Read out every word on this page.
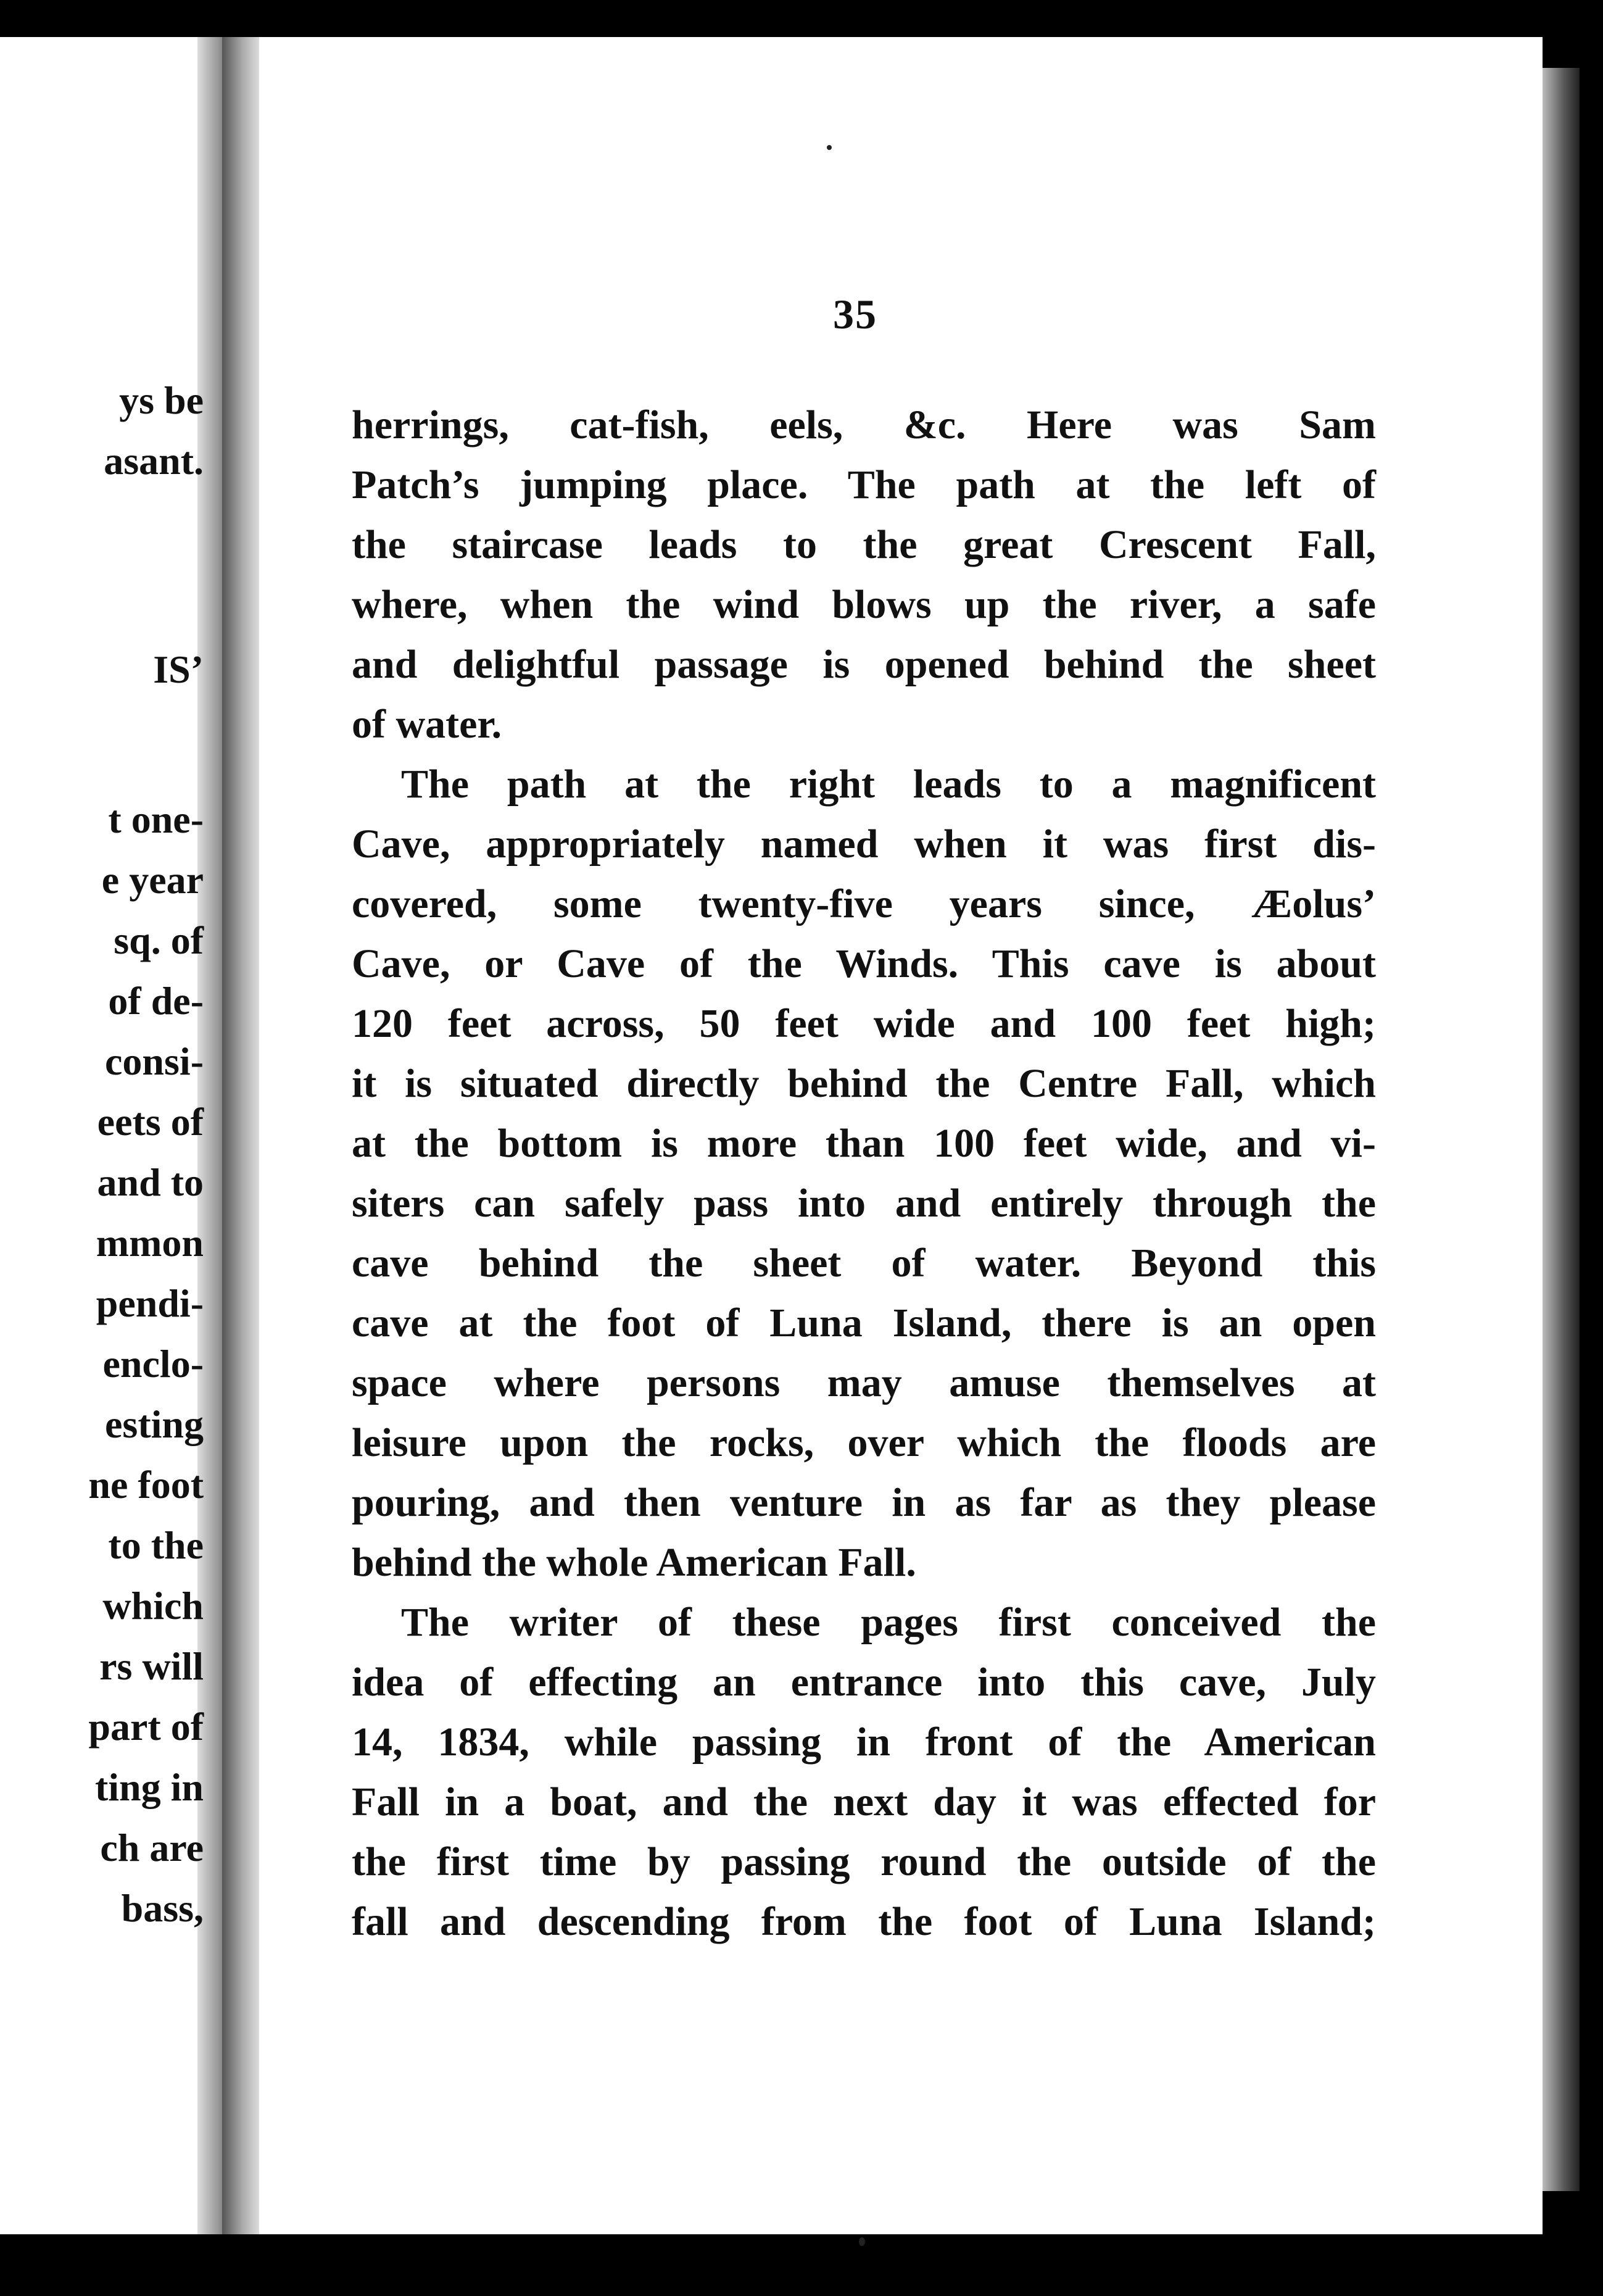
ys be
asant.
IS’
t one-
e year
sq. of
of de-
consi-
eets of
and to
mmon
pendi-
enclo-
esting
ne foot
to the
which
rs will
part of
ting in
ch are
bass,
35
herrings, cat-fish, eels, &c. Here was Sam
Patch’s jumping place. The path at the left of
the staircase leads to the great Crescent Fall,
where, when the wind blows up the river, a safe
and delightful passage is opened behind the sheet
of water.
The path at the right leads to a magnificent
Cave, appropriately named when it was first dis-
covered, some twenty-five years since, Æolus’
Cave, or Cave of the Winds. This cave is about
120 feet across, 50 feet wide and 100 feet high;
it is situated directly behind the Centre Fall, which
at the bottom is more than 100 feet wide, and vi-
siters can safely pass into and entirely through the
cave behind the sheet of water. Beyond this
cave at the foot of Luna Island, there is an open
space where persons may amuse themselves at
leisure upon the rocks, over which the floods are
pouring, and then venture in as far as they please
behind the whole American Fall.
The writer of these pages first conceived the
idea of effecting an entrance into this cave, July
14, 1834, while passing in front of the American
Fall in a boat, and the next day it was effected for
the first time by passing round the outside of the
fall and descending from the foot of Luna Island;
